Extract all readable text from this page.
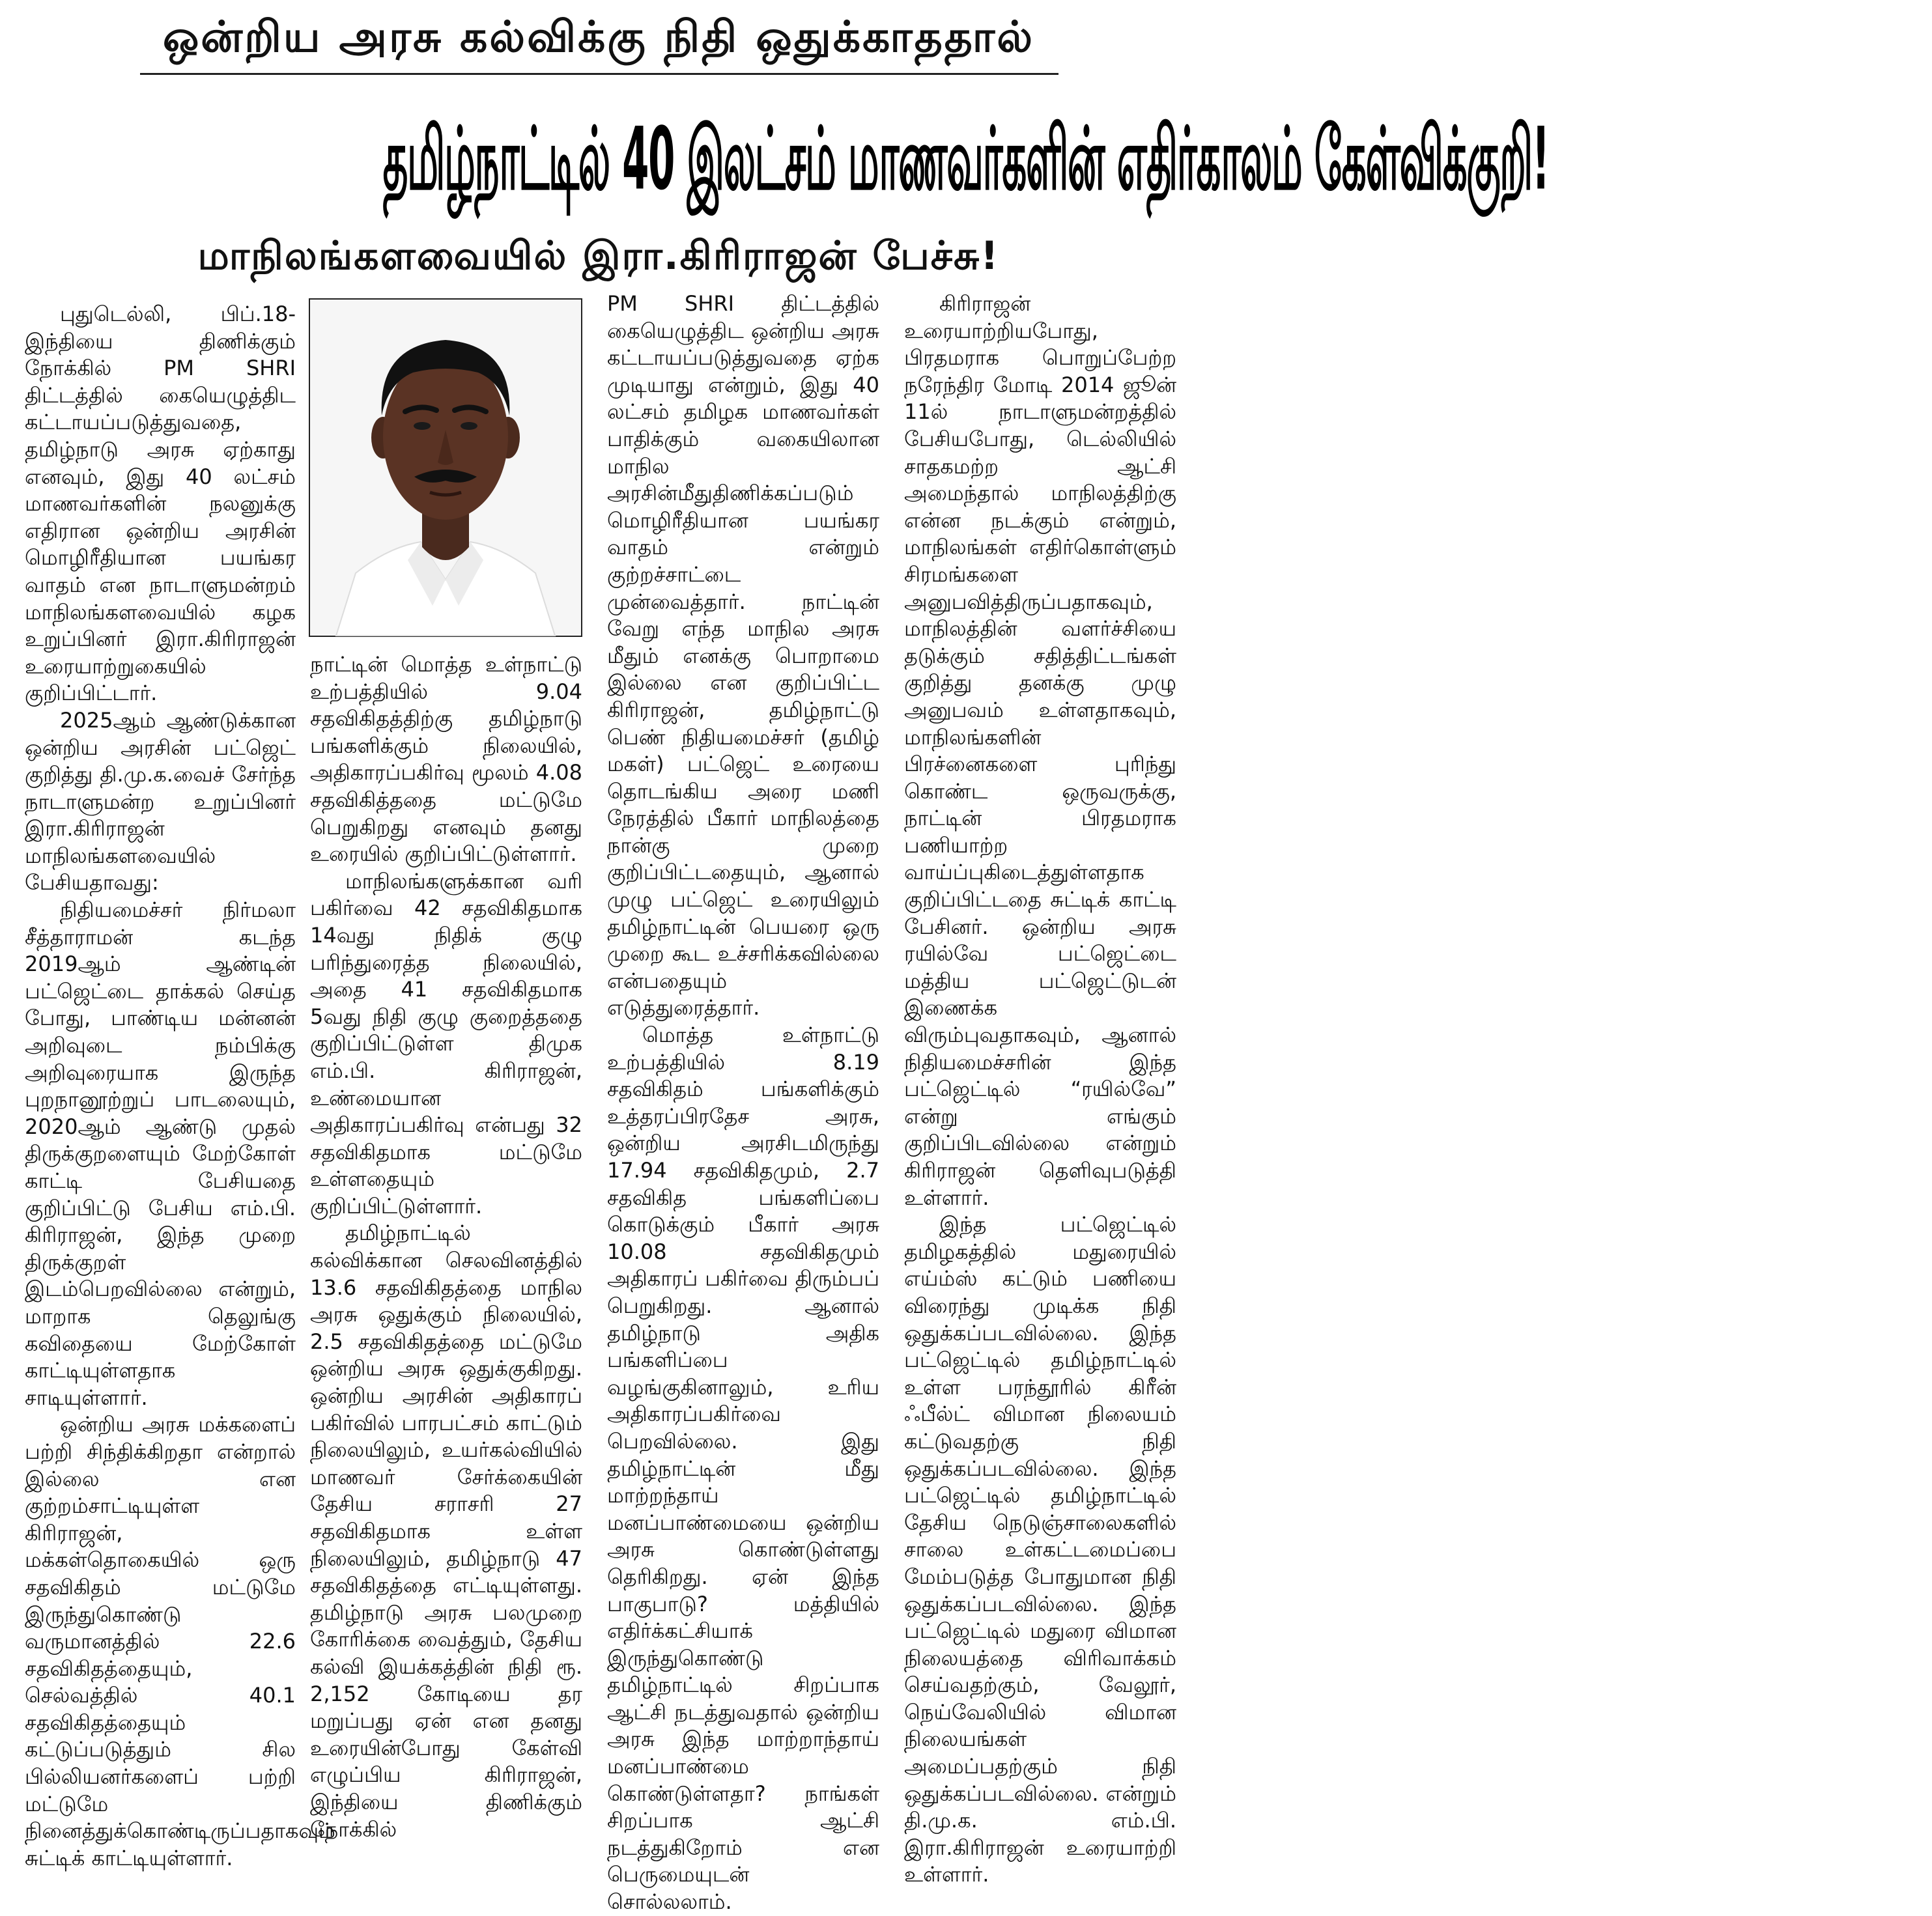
ஒன்றிய அரசு கல்விக்கு நிதி ஒதுக்காததால்
தமிழ்நாட்டில் 40 இலட்சம் மாணவர்களின் எதிர்காலம் கேள்விக்குறி!
மாநிலங்களவையில் இரா.கிரிராஜன் பேச்சு!

புதுடெல்லி, பிப்.18- இந்தியை திணிக்கும் நோக்கில் PM SHRI திட்டத்தில் கையெழுத்திட கட்டாயப்படுத்துவதை, தமிழ்நாடு அரசு ஏற்காது எனவும், இது 40 லட்சம் மாணவர்களின் நலனுக்கு எதிரான ஒன்றிய அரசின் மொழிரீதியான பயங்கர வாதம் என நாடாளுமன்றம் மாநிலங்களவையில் கழக உறுப்பினர் இரா.கிரிராஜன் உரையாற்றுகையில் குறிப்பிட்டார்.

2025ஆம் ஆண்டுக்கான ஒன்றிய அரசின் பட்ஜெட் குறித்து தி.மு.க.வைச் சேர்ந்த நாடாளுமன்ற உறுப்பினர் இரா.கிரிராஜன் மாநிலங்களவையில் பேசியதாவது:

நிதியமைச்சர் நிர்மலா சீத்தாராமன் கடந்த 2019ஆம் ஆண்டின் பட்ஜெட்டை தாக்கல் செய்த போது, பாண்டிய மன்னன் அறிவுடை நம்பிக்கு அறிவுரையாக இருந்த புறநானூற்றுப் பாடலையும், 2020ஆம் ஆண்டு முதல் திருக்குறளையும் மேற்கோள் காட்டி பேசியதை குறிப்பிட்டு பேசிய எம்.பி. கிரிராஜன், இந்த முறை திருக்குறள் இடம்பெறவில்லை என்றும், மாறாக தெலுங்கு கவிதையை மேற்கோள் காட்டியுள்ளதாக சாடியுள்ளார்.

ஒன்றிய அரசு மக்களைப் பற்றி சிந்திக்கிறதா என்றால் இல்லை என குற்றம்சாட்டியுள்ள கிரிராஜன், மக்கள்தொகையில் ஒரு சதவிகிதம் மட்டுமே இருந்துகொண்டு வருமானத்தில் 22.6 சதவிகிதத்தையும், செல்வத்தில் 40.1 சதவிகிதத்தையும் கட்டுப்படுத்தும் சில பில்லியனர்களைப் பற்றி மட்டுமே நினைத்துக்கொண்டிருப்பதாகவும் சுட்டிக் காட்டியுள்ளார்.

நாட்டின் மொத்த உள்நாட்டு உற்பத்தியில் 9.04 சதவிகிதத்திற்கு தமிழ்நாடு பங்களிக்கும் நிலையில், அதிகாரப்பகிர்வு மூலம் 4.08 சதவிகித்ததை மட்டுமே பெறுகிறது எனவும் தனது உரையில் குறிப்பிட்டுள்ளார்.

மாநிலங்களுக்கான வரி பகிர்வை 42 சதவிகிதமாக 14வது நிதிக் குழு பரிந்துரைத்த நிலையில், அதை 41 சதவிகிதமாக 5வது நிதி குழு குறைத்ததை குறிப்பிட்டுள்ள திமுக எம்.பி. கிரிராஜன், உண்மையான அதிகாரப்பகிர்வு என்பது 32 சதவிகிதமாக மட்டுமே உள்ளதையும் குறிப்பிட்டுள்ளார்.

தமிழ்நாட்டில் கல்விக்கான செலவினத்தில் 13.6 சதவிகிதத்தை மாநில அரசு ஒதுக்கும் நிலையில், 2.5 சதவிகிதத்தை மட்டுமே ஒன்றிய அரசு ஒதுக்குகிறது. ஒன்றிய அரசின் அதிகாரப் பகிர்வில் பாரபட்சம் காட்டும் நிலையிலும், உயர்கல்வியில் மாணவர் சேர்க்கையின் தேசிய சராசரி 27 சதவிகிதமாக உள்ள நிலையிலும், தமிழ்நாடு 47 சதவிகிதத்தை எட்டியுள்ளது. தமிழ்நாடு அரசு பலமுறை கோரிக்கை வைத்தும், தேசிய கல்வி இயக்கத்தின் நிதி ரூ. 2,152 கோடியை தர மறுப்பது ஏன் என தனது உரையின்போது கேள்வி எழுப்பிய கிரிராஜன், இந்தியை திணிக்கும் நோக்கில்

PM SHRI திட்டத்தில் கையெழுத்திட ஒன்றிய அரசு கட்டாயப்படுத்துவதை ஏற்க முடியாது என்றும், இது 40 லட்சம் தமிழக மாணவர்கள் பாதிக்கும் வகையிலான மாநில அரசின்மீதுதிணிக்கப்படும் மொழிரீதியான பயங்கர வாதம் என்றும் குற்றச்சாட்டை முன்வைத்தார். நாட்டின் வேறு எந்த மாநில அரசு மீதும் எனக்கு பொறாமை இல்லை என குறிப்பிட்ட கிரிராஜன், தமிழ்நாட்டு பெண் நிதியமைச்சர் (தமிழ் மகள்) பட்ஜெட் உரையை தொடங்கிய அரை மணி நேரத்தில் பீகார் மாநிலத்தை நான்கு முறை குறிப்பிட்டதையும், ஆனால் முழு பட்ஜெட் உரையிலும் தமிழ்நாட்டின் பெயரை ஒரு முறை கூட உச்சரிக்கவில்லை என்பதையும் எடுத்துரைத்தார்.

மொத்த உள்நாட்டு உற்பத்தியில் 8.19 சதவிகிதம் பங்களிக்கும் உத்தரப்பிரதேச அரசு, ஒன்றிய அரசிடமிருந்து 17.94 சதவிகிதமும், 2.7 சதவிகித பங்களிப்பை கொடுக்கும் பீகார் அரசு 10.08 சதவிகிதமும் அதிகாரப் பகிர்வை திரும்பப் பெறுகிறது. ஆனால் தமிழ்நாடு அதிக பங்களிப்பை வழங்குகினாலும், உரிய அதிகாரப்பகிர்வை பெறவில்லை. இது தமிழ்நாட்டின் மீது மாற்றந்தாய் மனப்பாண்மையை ஒன்றிய அரசு கொண்டுள்ளது தெரிகிறது. ஏன் இந்த பாகுபாடு? மத்தியில் எதிர்க்கட்சியாக் இருந்துகொண்டு தமிழ்நாட்டில் சிறப்பாக ஆட்சி நடத்துவதால் ஒன்றிய அரசு இந்த மாற்றாந்தாய் மனப்பாண்மை கொண்டுள்ளதா? நாங்கள் சிறப்பாக ஆட்சி நடத்துகிறோம் என பெருமையுடன் சொல்லலாம்.

கிரிராஜன் உரையாற்றியபோது, பிரதமராக பொறுப்பேற்ற நரேந்திர மோடி 2014 ஜூன் 11ல் நாடாளுமன்றத்தில் பேசியபோது, டெல்லியில் சாதகமற்ற ஆட்சி அமைந்தால் மாநிலத்திற்கு என்ன நடக்கும் என்றும், மாநிலங்கள் எதிர்கொள்ளும் சிரமங்களை அனுபவித்திருப்பதாகவும், மாநிலத்தின் வளர்ச்சியை தடுக்கும் சதித்திட்டங்கள் குறித்து தனக்கு முழு அனுபவம் உள்ளதாகவும், மாநிலங்களின் பிரச்னைகளை புரிந்து கொண்ட ஒருவருக்கு, நாட்டின் பிரதமராக பணியாற்ற வாய்ப்புகிடைத்துள்ளதாக குறிப்பிட்டதை சுட்டிக் காட்டி பேசினர். ஒன்றிய அரசு ரயில்வே பட்ஜெட்டை மத்திய பட்ஜெட்டுடன் இணைக்க விரும்புவதாகவும், ஆனால் நிதியமைச்சரின் இந்த பட்ஜெட்டில் “ரயில்வே” என்று எங்கும் குறிப்பிடவில்லை என்றும் கிரிராஜன் தெளிவுபடுத்தி உள்ளார்.

இந்த பட்ஜெட்டில் தமிழகத்தில் மதுரையில் எய்ம்ஸ் கட்டும் பணியை விரைந்து முடிக்க நிதி ஒதுக்கப்படவில்லை. இந்த பட்ஜெட்டில் தமிழ்நாட்டில் உள்ள பரந்தூரில் கிரீன் ஃபீல்ட் விமான நிலையம் கட்டுவதற்கு நிதி ஒதுக்கப்படவில்லை. இந்த பட்ஜெட்டில் தமிழ்நாட்டில் தேசிய நெடுஞ்சாலைகளில் சாலை உள்கட்டமைப்பை மேம்படுத்த போதுமான நிதி ஒதுக்கப்படவில்லை. இந்த பட்ஜெட்டில் மதுரை விமான நிலையத்தை விரிவாக்கம் செய்வதற்கும், வேலூர், நெய்வேலியில் விமான நிலையங்கள் அமைப்பதற்கும் நிதி ஒதுக்கப்படவில்லை. என்றும் தி.மு.க. எம்.பி. இரா.கிரிராஜன் உரையாற்றி உள்ளார்.
